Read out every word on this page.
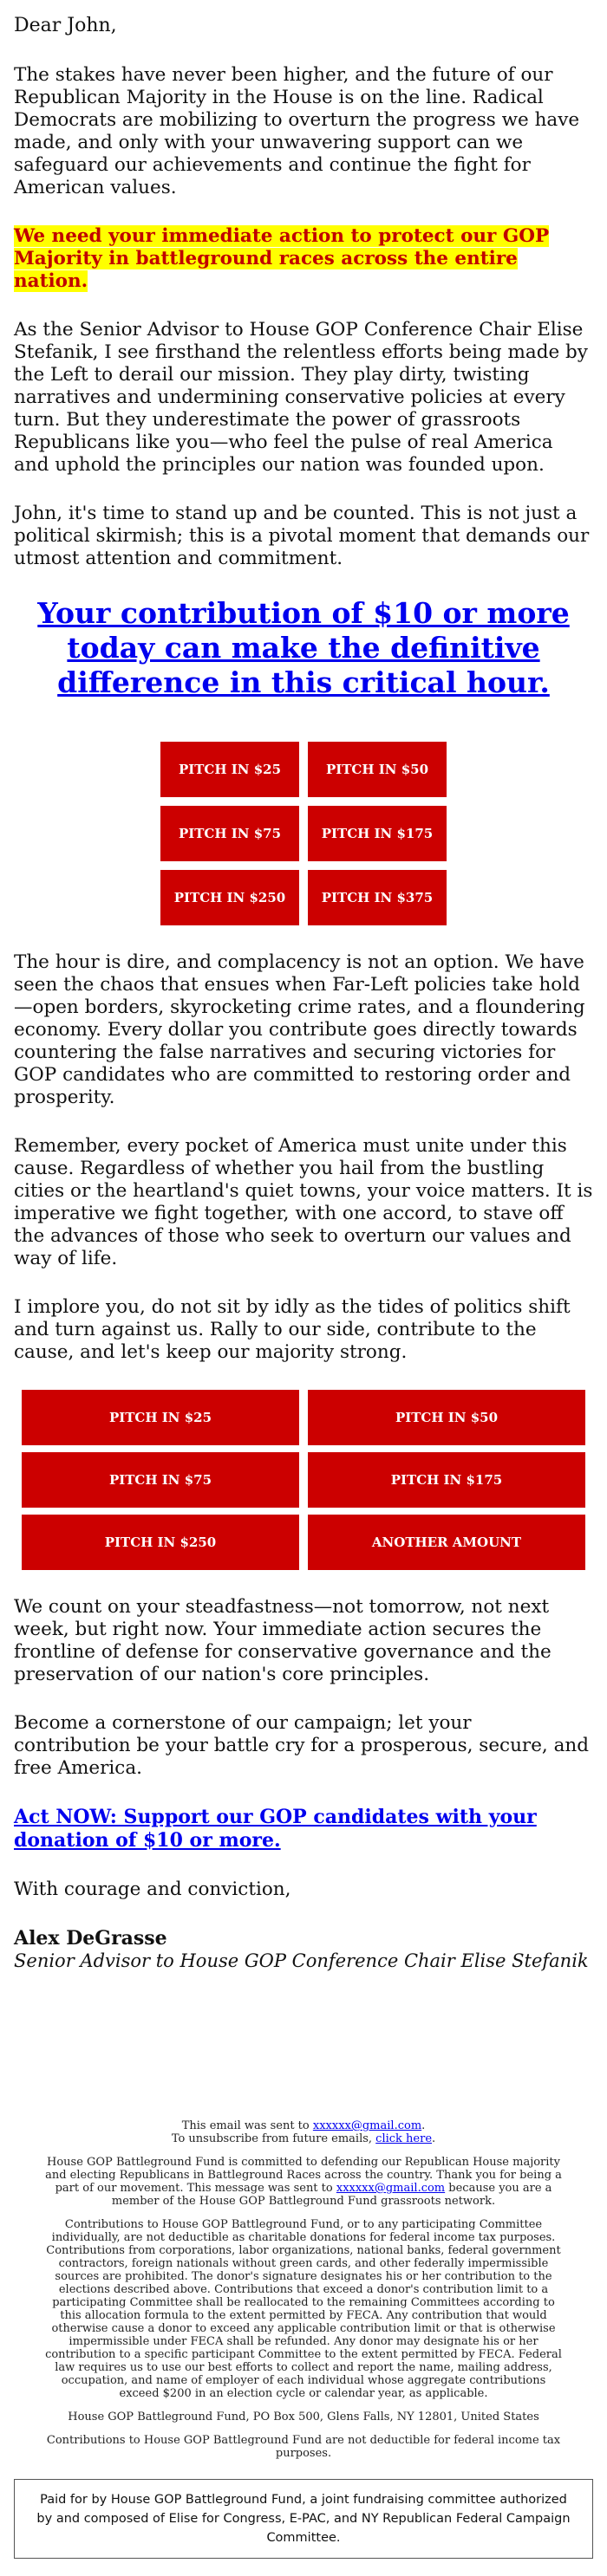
Dear John,

The stakes have never been higher, and the future of our Republican Majority in the House is on the line. Radical Democrats are mobilizing to overturn the progress we have made, and only with your unwavering support can we safeguard our achievements and continue the fight for American values.

We need your immediate action to protect our GOP Majority in battleground races across the entire nation.

As the Senior Advisor to House GOP Conference Chair Elise Stefanik, I see firsthand the relentless efforts being made by the Left to derail our mission. They play dirty, twisting narratives and undermining conservative policies at every turn. But they underestimate the power of grassroots Republicans like you—who feel the pulse of real America and uphold the principles our nation was founded upon.

John, it's time to stand up and be counted. This is not just a political skirmish; this is a pivotal moment that demands our utmost attention and commitment.

Your contribution of $10 or more today can make the definitive difference in this critical hour.
PITCH IN $25	PITCH IN $50
PITCH IN $75	PITCH IN $175
PITCH IN $250	PITCH IN $375

The hour is dire, and complacency is not an option. We have seen the chaos that ensues when Far-Left policies take hold—open borders, skyrocketing crime rates, and a floundering economy. Every dollar you contribute goes directly towards countering the false narratives and securing victories for GOP candidates who are committed to restoring order and prosperity.

Remember, every pocket of America must unite under this cause. Regardless of whether you hail from the bustling cities or the heartland's quiet towns, your voice matters. It is imperative we fight together, with one accord, to stave off the advances of those who seek to overturn our values and way of life.

I implore you, do not sit by idly as the tides of politics shift and turn against us. Rally to our side, contribute to the cause, and let's keep our majority strong.

PITCH IN $25	PITCH IN $50
PITCH IN $75	PITCH IN $175
PITCH IN $250	ANOTHER AMOUNT

We count on your steadfastness—not tomorrow, not next week, but right now. Your immediate action secures the frontline of defense for conservative governance and the preservation of our nation's core principles.

Become a cornerstone of our campaign; let your contribution be your battle cry for a prosperous, secure, and free America.

Act NOW: Support our GOP candidates with your donation of $10 or more.

With courage and conviction,

Alex DeGrasse

Senior Advisor to House GOP Conference Chair Elise Stefanik

This email was sent to xxxxxx@gmail.com.
To unsubscribe from future emails, click here.

House GOP Battleground Fund is committed to defending our Republican House majority and electing Republicans in Battleground Races across the country. Thank you for being a part of our movement. This message was sent to xxxxxx@gmail.com because you are a member of the House GOP Battleground Fund grassroots network.

Contributions to House GOP Battleground Fund, or to any participating Committee individually, are not deductible as charitable donations for federal income tax purposes. Contributions from corporations, labor organizations, national banks, federal government contractors, foreign nationals without green cards, and other federally impermissible sources are prohibited. The donor's signature designates his or her contribution to the elections described above. Contributions that exceed a donor's contribution limit to a participating Committee shall be reallocated to the remaining Committees according to this allocation formula to the extent permitted by FECA. Any contribution that would otherwise cause a donor to exceed any applicable contribution limit or that is otherwise impermissible under FECA shall be refunded. Any donor may designate his or her contribution to a specific participant Committee to the extent permitted by FECA. Federal law requires us to use our best efforts to collect and report the name, mailing address, occupation, and name of employer of each individual whose aggregate contributions exceed $200 in an election cycle or calendar year, as applicable.

House GOP Battleground Fund, PO Box 500, Glens Falls, NY 12801, United States

Contributions to House GOP Battleground Fund are not deductible for federal income tax purposes.

Paid for by House GOP Battleground Fund, a joint fundraising committee authorized by and composed of Elise for Congress, E-PAC, and NY Republican Federal Campaign Committee.
